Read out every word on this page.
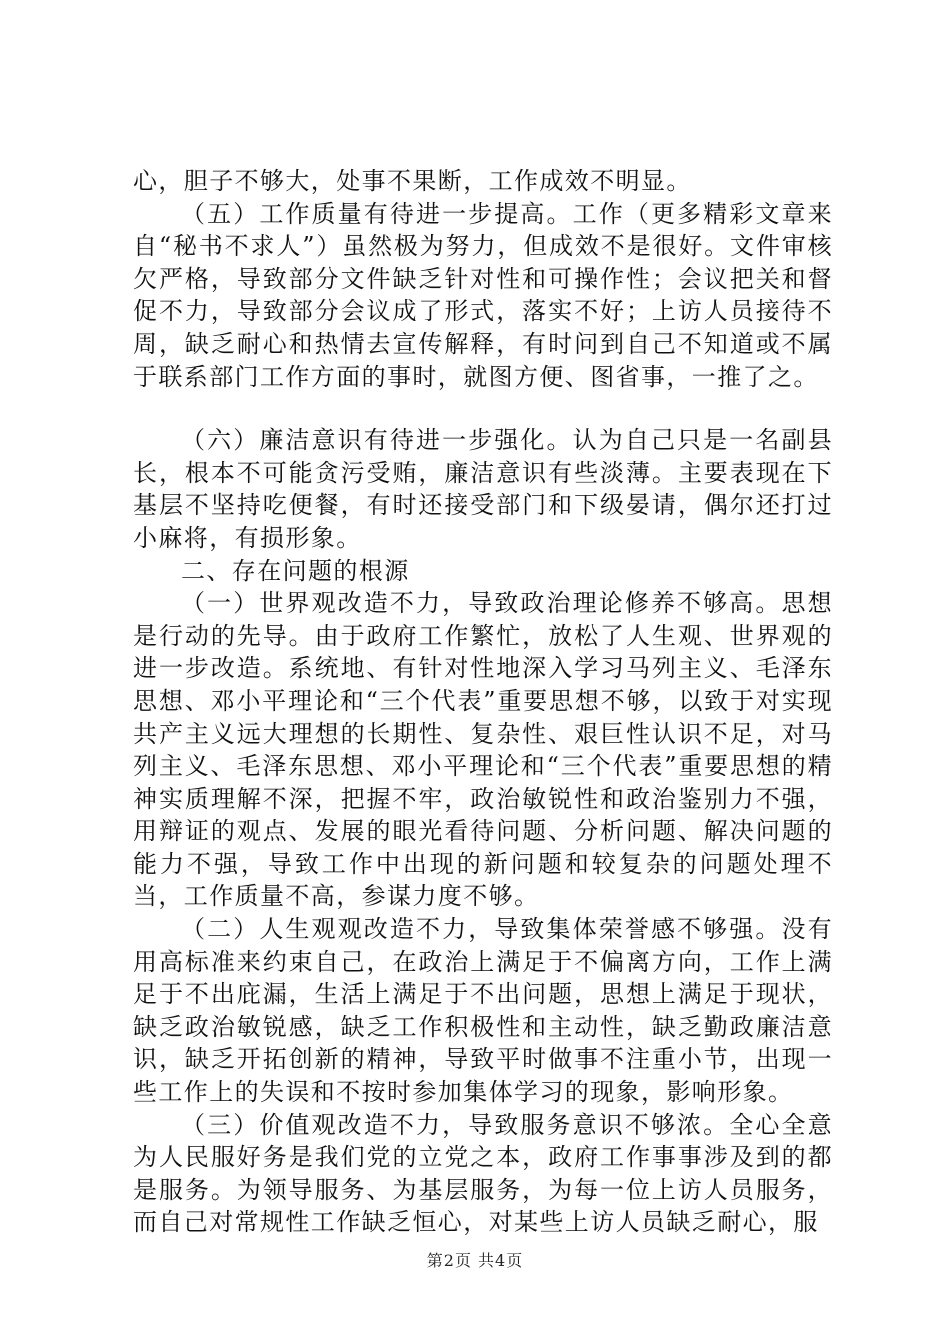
心，胆子不够大，处事不果断，工作成效不明显。

（五）工作质量有待进一步提高。工作（更多精彩文章来自“秘书不求人”）虽然极为努力，但成效不是很好。文件审核欠严格，导致部分文件缺乏针对性和可操作性；会议把关和督促不力，导致部分会议成了形式，落实不好；上访人员接待不周，缺乏耐心和热情去宣传解释，有时问到自己不知道或不属于联系部门工作方面的事时，就图方便、图省事，一推了之。

（六）廉洁意识有待进一步强化。认为自己只是一名副县长，根本不可能贪污受贿，廉洁意识有些淡薄。主要表现在下基层不坚持吃便餐，有时还接受部门和下级晏请，偶尔还打过小麻将，有损形象。

二、存在问题的根源

（一）世界观改造不力，导致政治理论修养不够高。思想是行动的先导。由于政府工作繁忙，放松了人生观、世界观的进一步改造。系统地、有针对性地深入学习马列主义、毛泽东思想、邓小平理论和“三个代表”重要思想不够，以致于对实现共产主义远大理想的长期性、复杂性、艰巨性认识不足，对马列主义、毛泽东思想、邓小平理论和“三个代表”重要思想的精神实质理解不深，把握不牢，政治敏锐性和政治鉴别力不强，用辩证的观点、发展的眼光看待问题、分析问题、解决问题的能力不强，导致工作中出现的新问题和较复杂的问题处理不当，工作质量不高，参谋力度不够。

（二）人生观观改造不力，导致集体荣誉感不够强。没有用高标准来约束自己，在政治上满足于不偏离方向，工作上满足于不出庇漏，生活上满足于不出问题，思想上满足于现状，缺乏政治敏锐感，缺乏工作积极性和主动性，缺乏勤政廉洁意识，缺乏开拓创新的精神，导致平时做事不注重小节，出现一些工作上的失误和不按时参加集体学习的现象，影响形象。

（三）价值观改造不力，导致服务意识不够浓。全心全意为人民服好务是我们党的立党之本，政府工作事事涉及到的都是服务。为领导服务、为基层服务，为每一位上访人员服务，而自己对常规性工作缺乏恒心，对某些上访人员缺乏耐心，服

第2页 共4页
